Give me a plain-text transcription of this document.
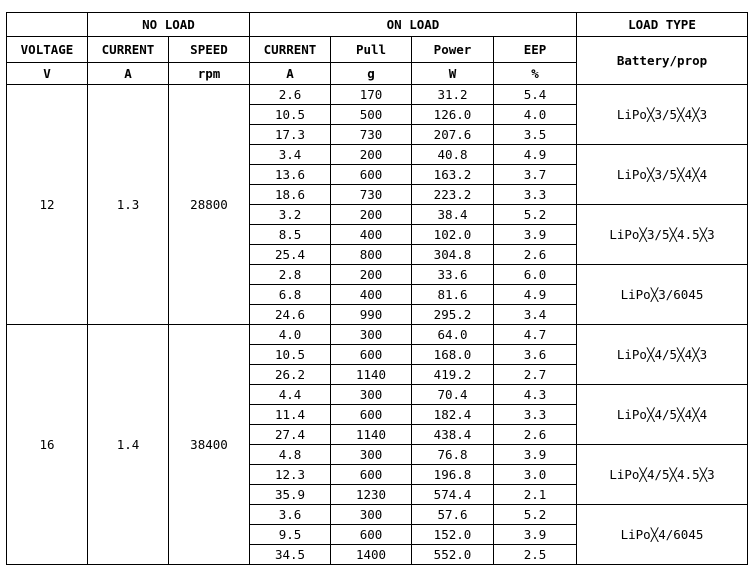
	NO LOAD		ON LOAD				LOAD TYPE
VOLTAGE	CURRENT	SPEED	CURRENT	Pull	Power	EEP	Battery/prop
V	A	rpm	A	g	W	%	
12	1.3	28800	2.6	170	31.2	5.4	LiPo╳3/5╳4╳3
			10.5	500	126.0	4.0	
			17.3	730	207.6	3.5	
			3.4	200	40.8	4.9	LiPo╳3/5╳4╳4
			13.6	600	163.2	3.7	
			18.6	730	223.2	3.3	
			3.2	200	38.4	5.2	LiPo╳3/5╳4.5╳3
			8.5	400	102.0	3.9	
			25.4	800	304.8	2.6	
			2.8	200	33.6	6.0	LiPo╳3/6045
			6.8	400	81.6	4.9	
			24.6	990	295.2	3.4	
16	1.4	38400	4.0	300	64.0	4.7	LiPo╳4/5╳4╳3
			10.5	600	168.0	3.6	
			26.2	1140	419.2	2.7	
			4.4	300	70.4	4.3	LiPo╳4/5╳4╳4
			11.4	600	182.4	3.3	
			27.4	1140	438.4	2.6	
			4.8	300	76.8	3.9	LiPo╳4/5╳4.5╳3
			12.3	600	196.8	3.0	
			35.9	1230	574.4	2.1	
			3.6	300	57.6	5.2	LiPo╳4/6045
			9.5	600	152.0	3.9	
			34.5	1400	552.0	2.5	
